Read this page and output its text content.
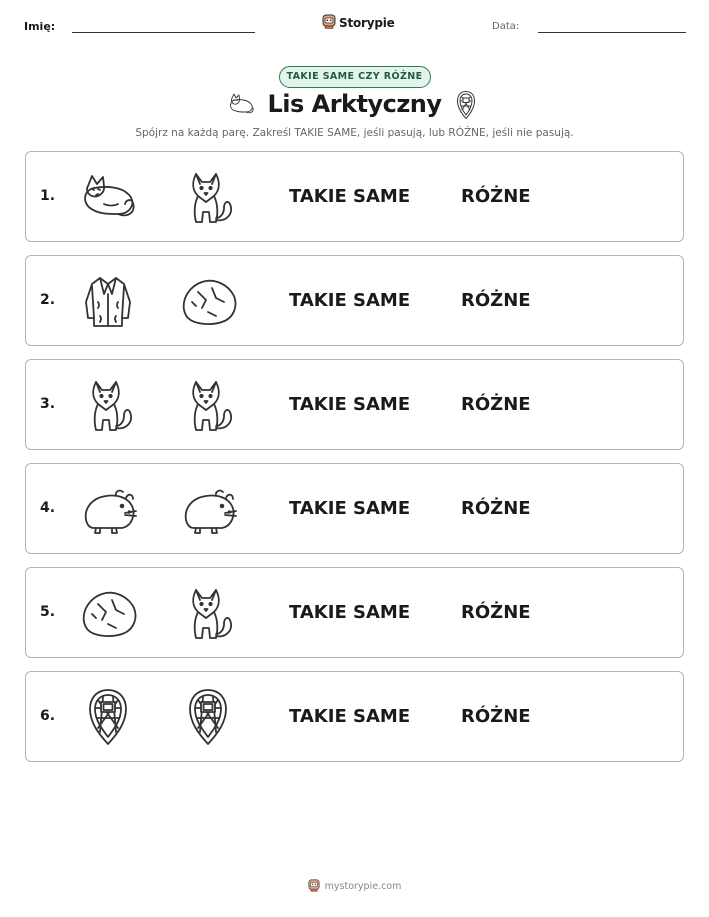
Imię:	Storypie	Data:
TAKIE SAME CZY RÓŻNE
Lis Arktyczny
Spójrz na każdą parę. Zakreśl TAKIE SAME, jeśli pasują, lub RÓŻNE, jeśli nie pasują.
1.	TAKIE SAME	RÓŻNE
2.	TAKIE SAME	RÓŻNE
3.	TAKIE SAME	RÓŻNE
4.	TAKIE SAME	RÓŻNE
5.	TAKIE SAME	RÓŻNE
6.	TAKIE SAME	RÓŻNE
mystorypie.com
